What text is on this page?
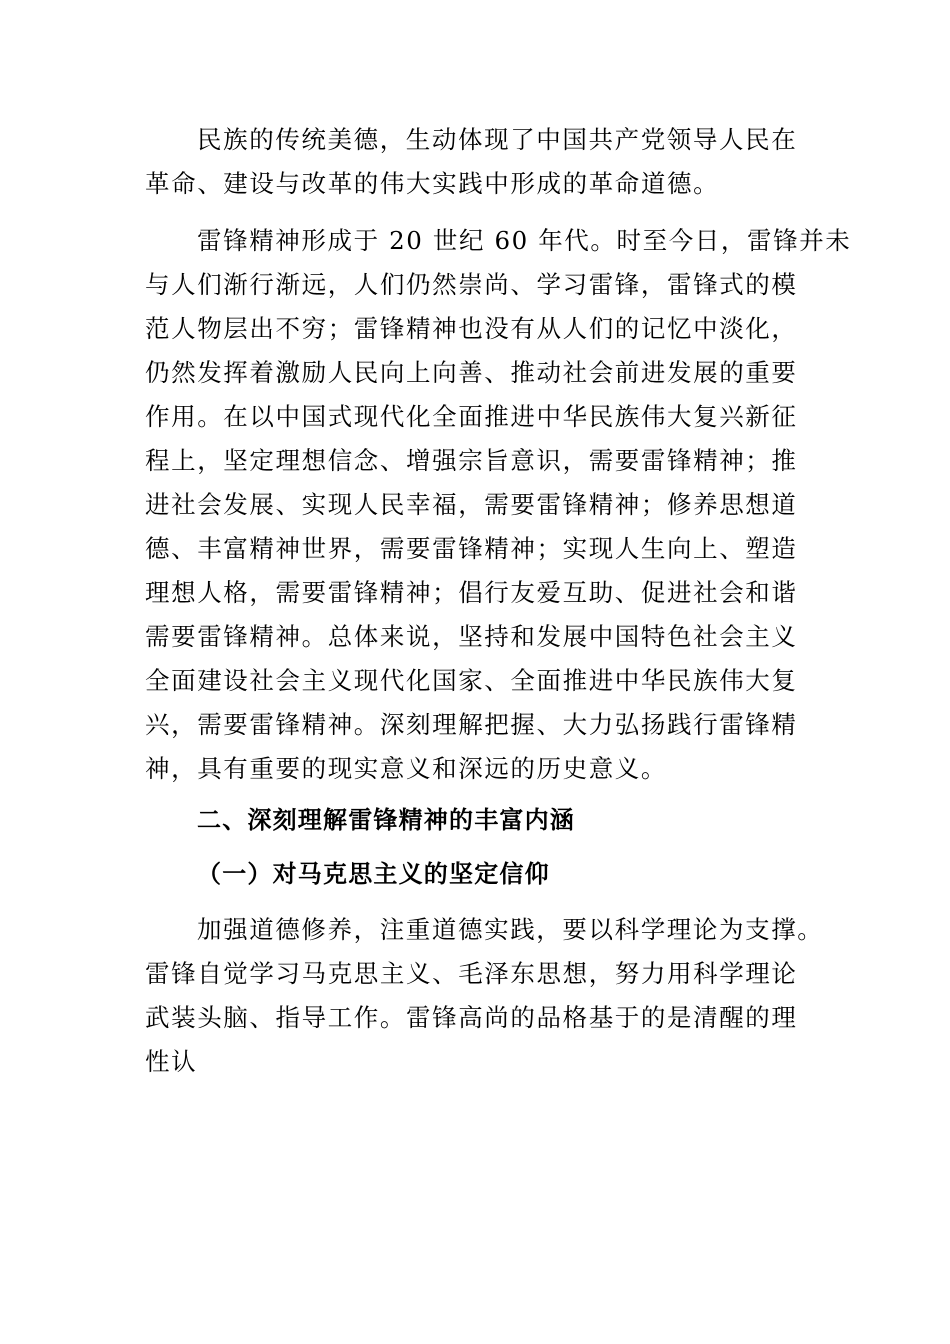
民族的传统美德，生动体现了中国共产党领导人民在
革命、建设与改革的伟大实践中形成的革命道德。
雷锋精神形成于 20 世纪 60 年代。时至今日，雷锋并未
与人们渐行渐远，人们仍然崇尚、学习雷锋，雷锋式的模
范人物层出不穷；雷锋精神也没有从人们的记忆中淡化，
仍然发挥着激励人民向上向善、推动社会前进发展的重要
作用。在以中国式现代化全面推进中华民族伟大复兴新征
程上，坚定理想信念、增强宗旨意识，需要雷锋精神；推
进社会发展、实现人民幸福，需要雷锋精神；修养思想道
德、丰富精神世界，需要雷锋精神；实现人生向上、塑造
理想人格，需要雷锋精神；倡行友爱互助、促进社会和谐
需要雷锋精神。总体来说，坚持和发展中国特色社会主义
全面建设社会主义现代化国家、全面推进中华民族伟大复
兴，需要雷锋精神。深刻理解把握、大力弘扬践行雷锋精
神，具有重要的现实意义和深远的历史意义。
二、深刻理解雷锋精神的丰富内涵
（一）对马克思主义的坚定信仰
加强道德修养，注重道德实践，要以科学理论为支撑。
雷锋自觉学习马克思主义、毛泽东思想，努力用科学理论
武装头脑、指导工作。雷锋高尚的品格基于的是清醒的理
性认
